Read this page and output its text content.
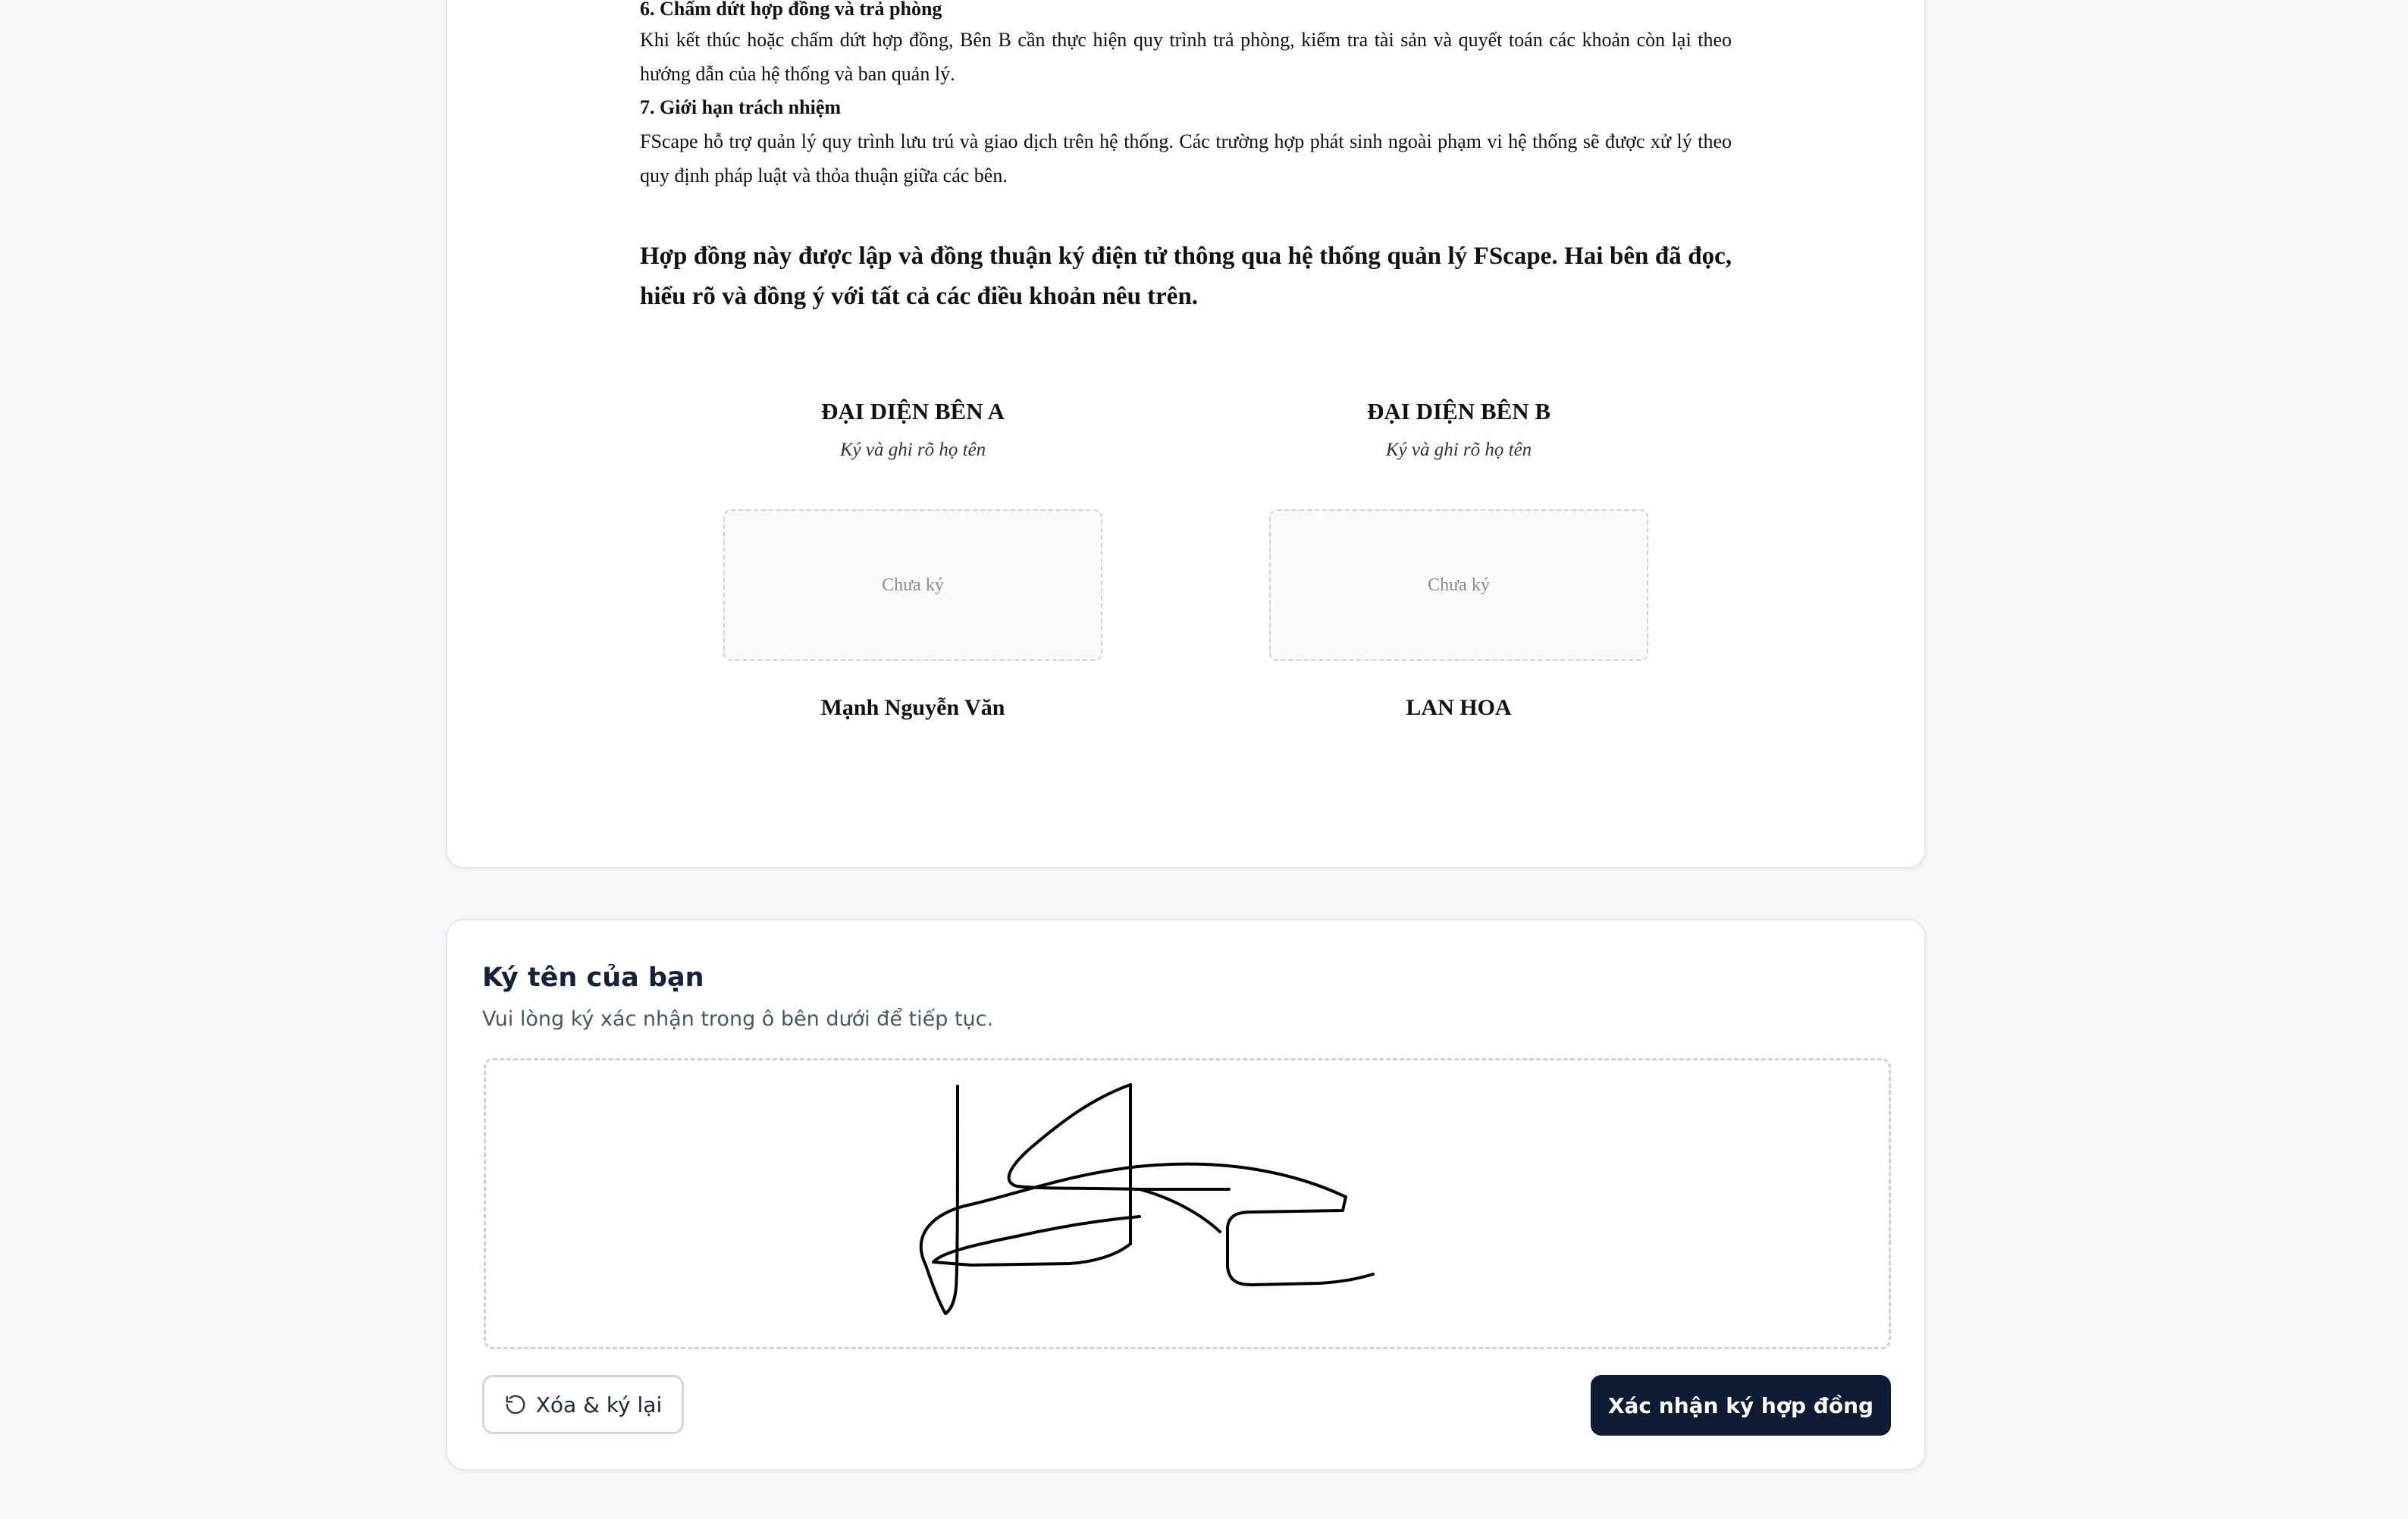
6. Chấm dứt hợp đồng và trả phòng

Khi kết thúc hoặc chấm dứt hợp đồng, Bên B cần thực hiện quy trình trả phòng, kiểm tra tài sản và quyết toán các khoản còn lại theo hướng dẫn của hệ thống và ban quản lý.

7. Giới hạn trách nhiệm

FScape hỗ trợ quản lý quy trình lưu trú và giao dịch trên hệ thống. Các trường hợp phát sinh ngoài phạm vi hệ thống sẽ được xử lý theo quy định pháp luật và thỏa thuận giữa các bên.

Hợp đồng này được lập và đồng thuận ký điện tử thông qua hệ thống quản lý FScape. Hai bên đã đọc, hiểu rõ và đồng ý với tất cả các điều khoản nêu trên.

ĐẠI DIỆN BÊN A
Ký và ghi rõ họ tên
Chưa ký
Mạnh Nguyễn Văn
ĐẠI DIỆN BÊN B
Ký và ghi rõ họ tên
Chưa ký
LAN HOA
Ký tên của bạn
Vui lòng ký xác nhận trong ô bên dưới để tiếp tục.
Xóa & ký lại	Xác nhận ký hợp đồng
